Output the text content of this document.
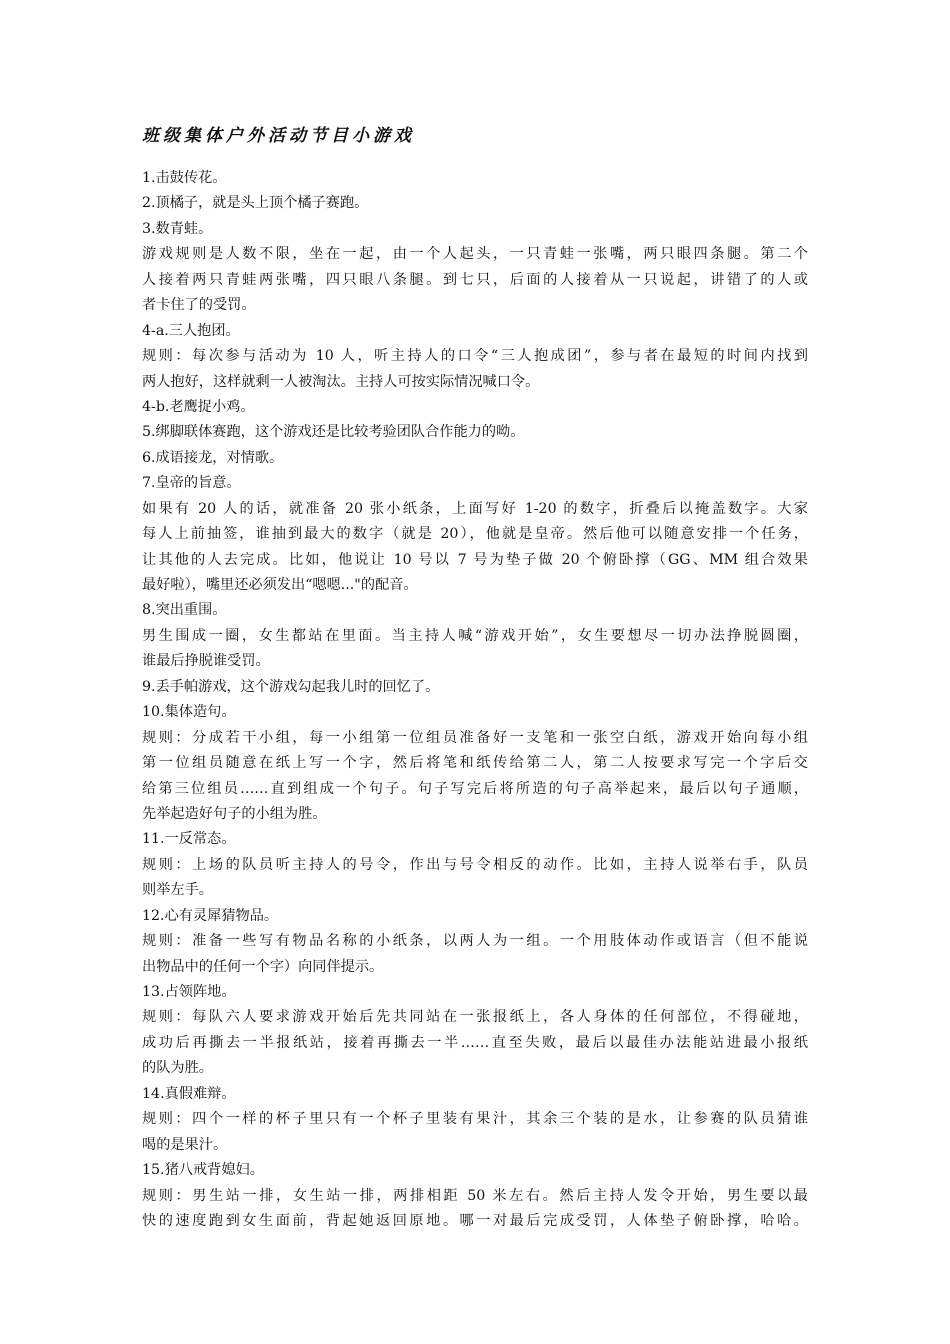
班级集体户外活动节目小游戏
1.击鼓传花。
2.顶橘子，就是头上顶个橘子赛跑。
3.数青蛙。
游戏规则是人数不限，坐在一起，由一个人起头，一只青蛙一张嘴，两只眼四条腿。第二个
人接着两只青蛙两张嘴，四只眼八条腿。到七只，后面的人接着从一只说起，讲错了的人或
者卡住了的受罚。
4-a.三人抱团。
规则：每次参与活动为 10 人，听主持人的口令“三人抱成团”，参与者在最短的时间内找到
两人抱好，这样就剩一人被淘汰。主持人可按实际情况喊口令。
4-b.老鹰捉小鸡。
5.绑脚联体赛跑，这个游戏还是比较考验团队合作能力的呦。
6.成语接龙，对情歌。
7.皇帝的旨意。
如果有 20 人的话，就准备 20 张小纸条，上面写好 1-20 的数字，折叠后以掩盖数字。大家
每人上前抽签，谁抽到最大的数字（就是 20），他就是皇帝。然后他可以随意安排一个任务，
让其他的人去完成。比如，他说让 10 号以 7 号为垫子做 20 个俯卧撑（GG、MM 组合效果
最好啦），嘴里还必须发出“嗯嗯..."的配音。
8.突出重围。
男生围成一圈，女生都站在里面。当主持人喊“游戏开始”，女生要想尽一切办法挣脱圆圈，
谁最后挣脱谁受罚。
9.丢手帕游戏，这个游戏勾起我儿时的回忆了。
10.集体造句。
规则：分成若干小组，每一小组第一位组员准备好一支笔和一张空白纸，游戏开始向每小组
第一位组员随意在纸上写一个字，然后将笔和纸传给第二人，第二人按要求写完一个字后交
给第三位组员……直到组成一个句子。句子写完后将所造的句子高举起来，最后以句子通顺，
先举起造好句子的小组为胜。
11.一反常态。
规则：上场的队员听主持人的号令，作出与号令相反的动作。比如，主持人说举右手，队员
则举左手。
12.心有灵犀猜物品。
规则：准备一些写有物品名称的小纸条，以两人为一组。一个用肢体动作或语言（但不能说
出物品中的任何一个字）向同伴提示。
13.占领阵地。
规则：每队六人要求游戏开始后先共同站在一张报纸上，各人身体的任何部位，不得碰地，
成功后再撕去一半报纸站，接着再撕去一半……直至失败，最后以最佳办法能站进最小报纸
的队为胜。
14.真假难辩。
规则：四个一样的杯子里只有一个杯子里装有果汁，其余三个装的是水，让参赛的队员猜谁
喝的是果汁。
15.猪八戒背媳妇。
规则：男生站一排，女生站一排，两排相距 50 米左右。然后主持人发令开始，男生要以最
快的速度跑到女生面前，背起她返回原地。哪一对最后完成受罚，人体垫子俯卧撑，哈哈。
